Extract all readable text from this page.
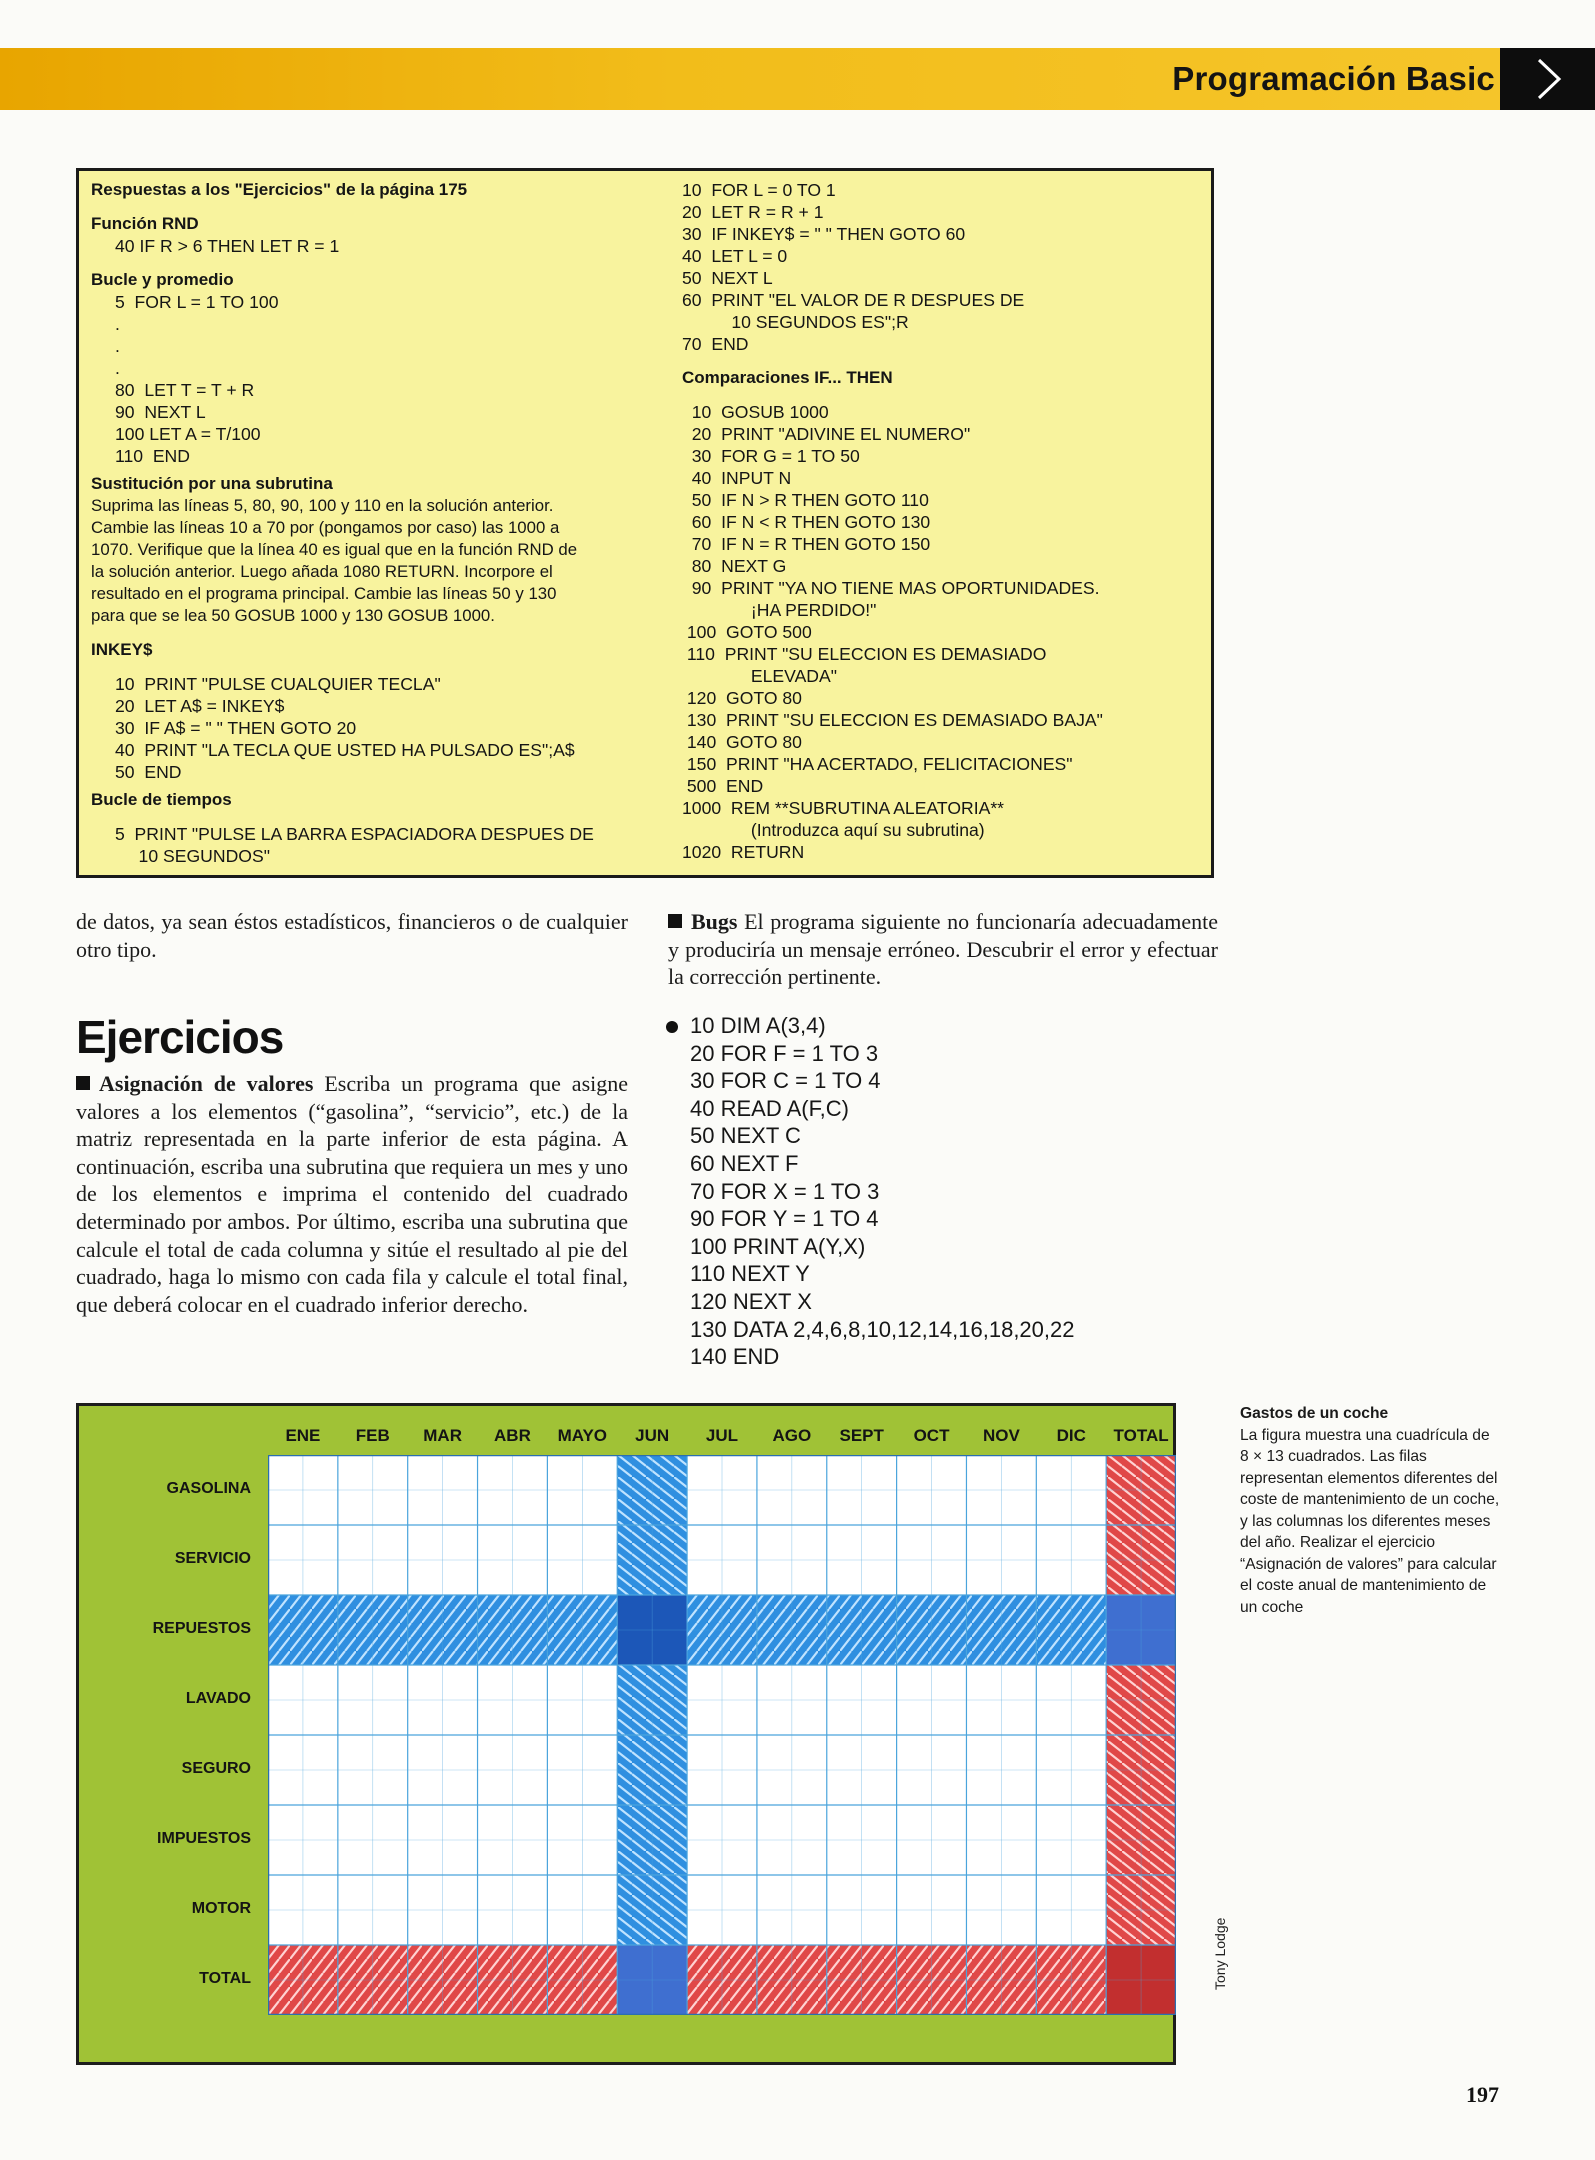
Programación Basic
Respuestas a los "Ejercicios" de la página 175
Función RND
40 IF R > 6 THEN LET R = 1
Bucle y promedio
5  FOR L = 1 TO 100
.
.
.
80  LET T = T + R
90  NEXT L
100 LET A = T/100
110  END
Sustitución por una subrutina
Suprima las líneas 5, 80, 90, 100 y 110 en la solución anterior.
Cambie las líneas 10 a 70 por (pongamos por caso) las 1000 a
1070. Verifique que la línea 40 es igual que en la función RND de
la solución anterior. Luego añada 1080 RETURN. Incorpore el
resultado en el programa principal. Cambie las líneas 50 y 130
para que se lea 50 GOSUB 1000 y 130 GOSUB 1000.
INKEY$
10  PRINT "PULSE CUALQUIER TECLA"
20  LET A$ = INKEY$
30  IF A$ = " " THEN GOTO 20
40  PRINT "LA TECLA QUE USTED HA PULSADO ES";A$
50  END
Bucle de tiempos
5  PRINT "PULSE LA BARRA ESPACIADORA DESPUES DE
10 SEGUNDOS"
10  FOR L = 0 TO 1
20  LET R = R + 1
30  IF INKEY$ = " " THEN GOTO 60
40  LET L = 0
50  NEXT L
60  PRINT "EL VALOR DE R DESPUES DE
10 SEGUNDOS ES";R
70  END
Comparaciones IF... THEN
10  GOSUB 1000
20  PRINT "ADIVINE EL NUMERO"
30  FOR G = 1 TO 50
40  INPUT N
50  IF N > R THEN GOTO 110
60  IF N < R THEN GOTO 130
70  IF N = R THEN GOTO 150
80  NEXT G
90  PRINT "YA NO TIENE MAS OPORTUNIDADES.
¡HA PERDIDO!"
100  GOTO 500
110  PRINT "SU ELECCION ES DEMASIADO
ELEVADA"
120  GOTO 80
130  PRINT "SU ELECCION ES DEMASIADO BAJA"
140  GOTO 80
150  PRINT "HA ACERTADO, FELICITACIONES"
500  END
1000  REM **SUBRUTINA ALEATORIA**
(Introduzca aquí su subrutina)
1020  RETURN
de datos, ya sean éstos estadísticos, financieros o de cualquier otro tipo.
Ejercicios
Asignación de valores Escriba un programa que asigne valores a los elementos (“gasolina”, “servicio”, etc.) de la matriz representada en la parte inferior de esta página. A continuación, escriba una subrutina que requiera un mes y uno de los elementos e imprima el contenido del cuadrado determinado por ambos. Por último, escriba una subrutina que calcule el total de cada columna y sitúe el resultado al pie del cuadrado, haga lo mismo con cada fila y calcule el total final, que deberá colocar en el cuadrado inferior derecho.
Bugs El programa siguiente no funcionaría adecuadamente y produciría un mensaje erróneo. Descubrir el error y efectuar la corrección pertinente.
10 DIM A(3,4)
20 FOR F = 1 TO 3
30 FOR C = 1 TO 4
40 READ A(F,C)
50 NEXT C
60 NEXT F
70 FOR X = 1 TO 3
90 FOR Y = 1 TO 4
100 PRINT A(Y,X)
110 NEXT Y
120 NEXT X
130 DATA 2,4,6,8,10,12,14,16,18,20,22
140 END
ENE	FEB	MAR	ABR	MAYO	JUN	JUL	AGO	SEPT	OCT	NOV	DIC	TOTAL
GASOLINA
SERVICIO
REPUESTOS
LAVADO
SEGURO
IMPUESTOS
MOTOR
TOTAL
Gastos de un coche
La figura muestra una cuadrícula de 8 × 13 cuadrados. Las filas representan elementos diferentes del coste de mantenimiento de un coche, y las columnas los diferentes meses del año. Realizar el ejercicio “Asignación de valores” para calcular el coste anual de mantenimiento de un coche
Tony Lodge
197
